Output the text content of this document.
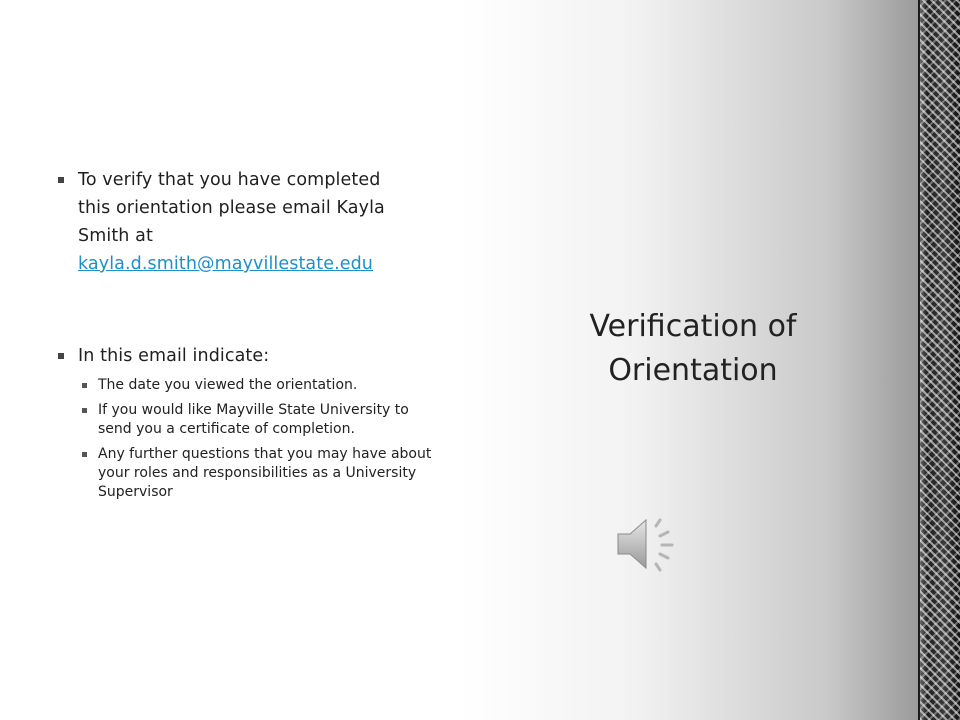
To verify that you have completed
this orientation please email Kayla
Smith at
kayla.d.smith@mayvillestate.edu
In this email indicate:
The date you viewed the orientation.
If you would like Mayville State University to send you a certificate of completion.
Any further questions that you may have about your roles and responsibilities as a University Supervisor
Verification of
Orientation
